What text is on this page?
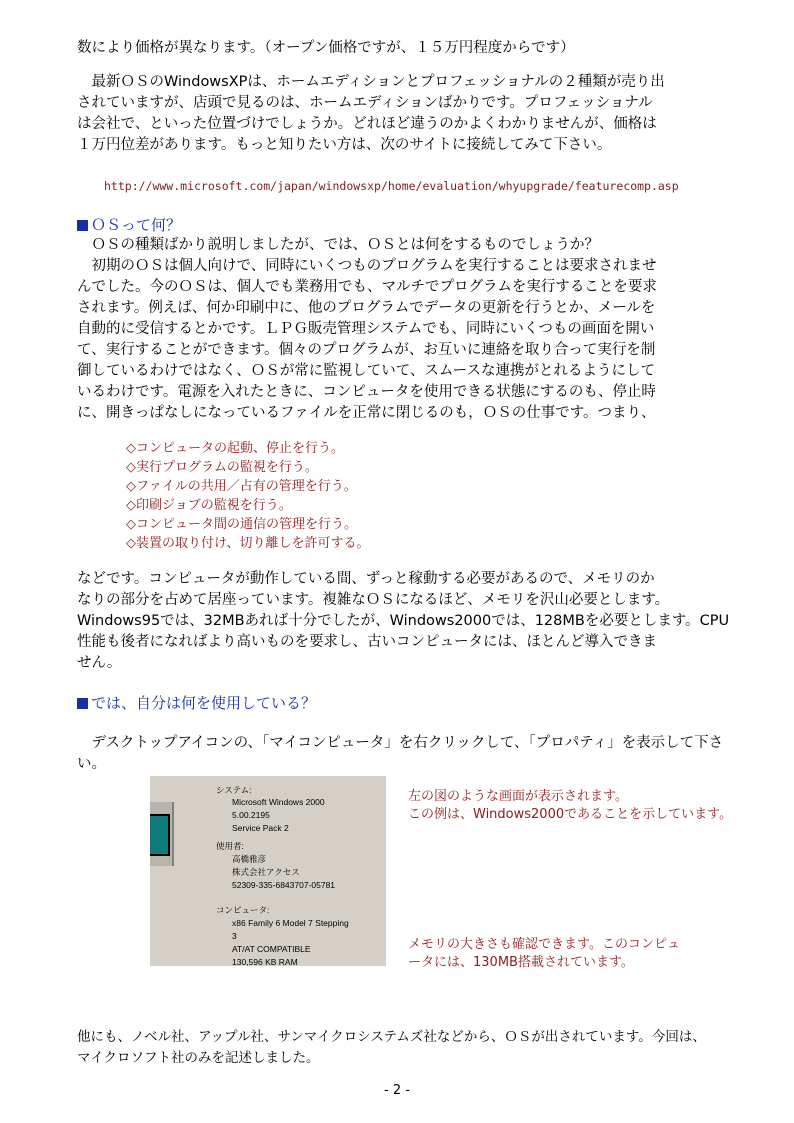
数により価格が異なります。（オープン価格ですが、１５万円程度からです）
　最新ＯＳのWindowsXPは、ホームエディションとプロフェッショナルの２種類が売り出
されていますが、店頭で見るのは、ホームエディションばかりです。プロフェッショナル
は会社で、といった位置づけでしょうか。どれほど違うのかよくわかりませんが、価格は
１万円位差があります。もっと知りたい方は、次のサイトに接続してみて下さい。
http://www.microsoft.com/japan/windowsxp/home/evaluation/whyupgrade/featurecomp.asp
ＯＳって何？
　ＯＳの種類ばかり説明しましたが、では、ＯＳとは何をするものでしょうか？
　初期のＯＳは個人向けで、同時にいくつものプログラムを実行することは要求されませ
んでした。今のＯＳは、個人でも業務用でも、マルチでプログラムを実行することを要求
されます。例えば、何か印刷中に、他のプログラムでデータの更新を行うとか、メールを
自動的に受信するとかです。ＬＰＧ販売管理システムでも、同時にいくつもの画面を開い
て、実行することができます。個々のプログラムが、お互いに連絡を取り合って実行を制
御しているわけではなく、ＯＳが常に監視していて、スムースな連携がとれるようにして
いるわけです。電源を入れたときに、コンピュータを使用できる状態にするのも、停止時
に、開きっぱなしになっているファイルを正常に閉じるのも，ＯＳの仕事です。つまり、
◇コンピュータの起動、停止を行う。
◇実行プログラムの監視を行う。
◇ファイルの共用／占有の管理を行う。
◇印刷ジョブの監視を行う。
◇コンピュータ間の通信の管理を行う。
◇装置の取り付け、切り離しを許可する。
などです。コンピュータが動作している間、ずっと稼動する必要があるので、メモリのか
なりの部分を占めて居座っています。複雑なＯＳになるほど、メモリを沢山必要とします。
Windows95では、32MBあれば十分でしたが、Windows2000では、128MBを必要とします。CPU
性能も後者になればより高いものを要求し、古いコンピュータには、ほとんど導入できま
せん。
では、自分は何を使用している？
　デスクトップアイコンの、「マイコンピュータ」を右クリックして、「プロパティ」を表示して下さ
い。
システム:
Microsoft Windows 2000
5.00.2195
Service Pack 2
使用者:
高橋雅彦
株式会社アクセス
52309-335-6843707-05781
コンピュータ:
x86 Family 6 Model 7 Stepping
3
AT/AT COMPATIBLE
130,596 KB RAM
左の図のような画面が表示されます。
この例は、Windows2000であることを示しています。
メモリの大きさも確認できます。このコンピュ
ータには、130MB搭載されています。
他にも、ノベル社、アップル社、サンマイクロシステムズ社などから、ＯＳが出されています。今回は、
マイクロソフト社のみを記述しました。
- 2 -
